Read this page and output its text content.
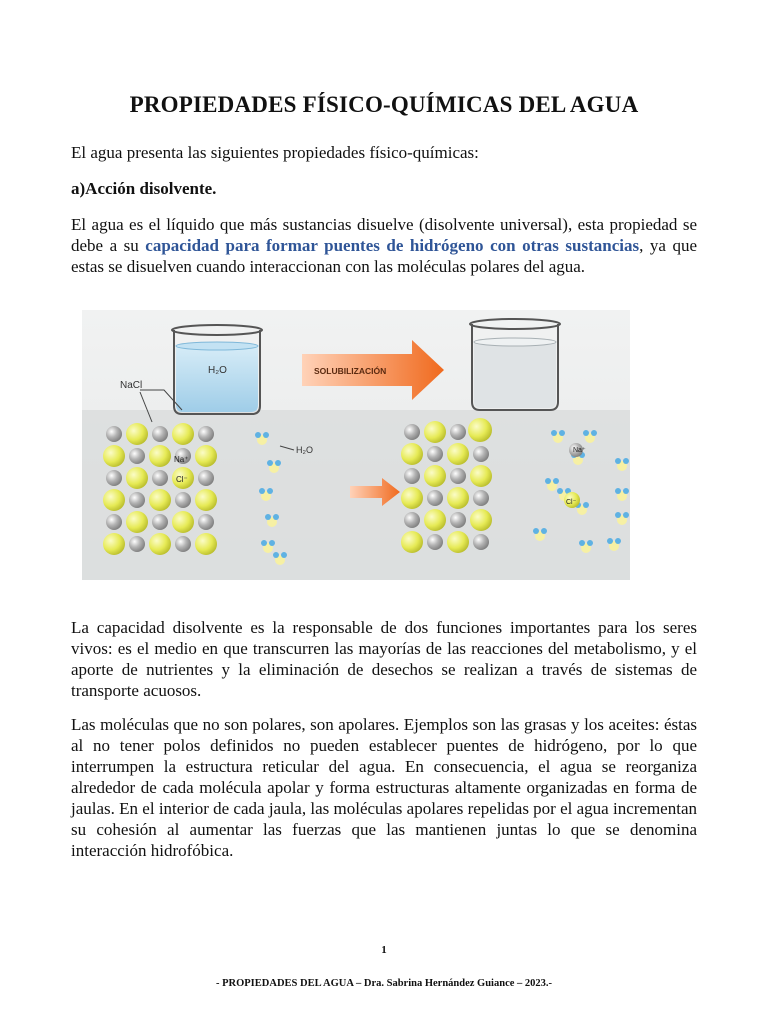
PROPIEDADES FÍSICO-QUÍMICAS DEL AGUA

El agua presenta las siguientes propiedades físico-químicas:

a)Acción disolvente.

El agua es el líquido que más sustancias disuelve (disolvente universal), esta propiedad se debe a su capacidad para formar puentes de hidrógeno con otras sustancias, ya que estas se disuelven cuando interaccionan con las moléculas polares del agua.

H₂O
NaCl
SOLUBILIZACIÓN
Na⁺
Cl⁻
H₂O	Na⁺
Cl⁻

La capacidad disolvente es la responsable de dos funciones importantes para los seres vivos: es el medio en que transcurren las mayorías de las reacciones del metabolismo, y el aporte de nutrientes y la eliminación de desechos se realizan a través de sistemas de transporte acuosos.

Las moléculas que no son polares, son apolares. Ejemplos son las grasas y los aceites: éstas al no tener polos definidos no pueden establecer puentes de hidrógeno, por lo que interrumpen la estructura reticular del agua. En consecuencia, el agua se reorganiza alrededor de cada molécula apolar y forma estructuras altamente organizadas en forma de jaulas. En el interior de cada jaula, las moléculas apolares repelidas por el agua incrementan su cohesión al aumentar las fuerzas que las mantienen juntas lo que se denomina interacción hidrofóbica.

1
- PROPIEDADES DEL AGUA – Dra. Sabrina Hernández Guiance – 2023.-
